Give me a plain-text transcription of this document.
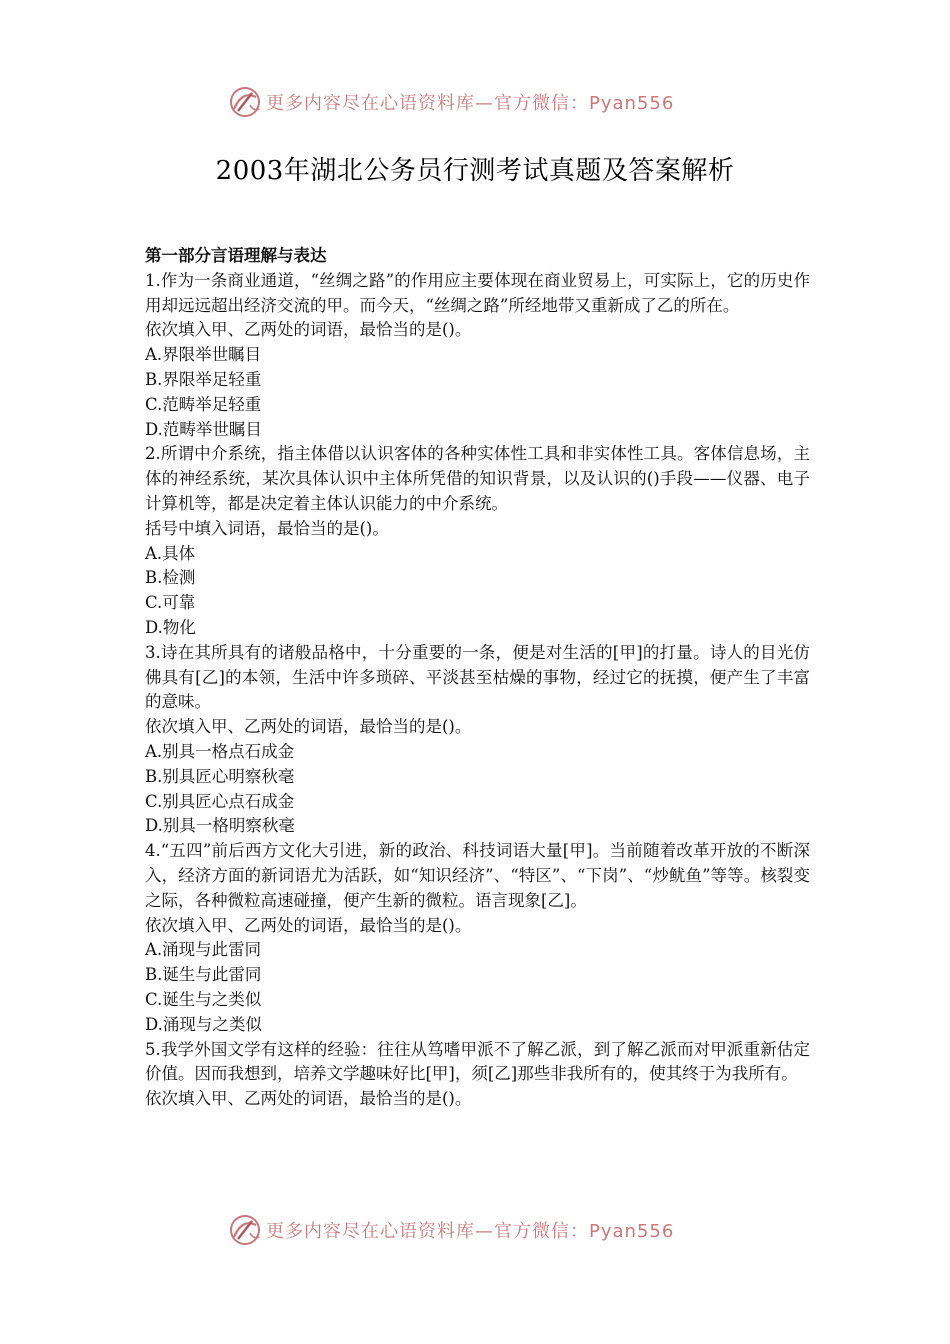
更多内容尽在心语资料库—官方微信：Pyan556
2003年湖北公务员行测考试真题及答案解析
第一部分言语理解与表达
1.作为一条商业通道，“丝绸之路”的作用应主要体现在商业贸易上，可实际上，它的历史作用却远远超出经济交流的甲。而今天，“丝绸之路”所经地带又重新成了乙的所在。
依次填入甲、乙两处的词语，最恰当的是()。
A.界限举世瞩目
B.界限举足轻重
C.范畴举足轻重
D.范畴举世瞩目
2.所谓中介系统，指主体借以认识客体的各种实体性工具和非实体性工具。客体信息场，主体的神经系统，某次具体认识中主体所凭借的知识背景，以及认识的()手段——仪器、电子计算机等，都是决定着主体认识能力的中介系统。
括号中填入词语，最恰当的是()。
A.具体
B.检测
C.可靠
D.物化
3.诗在其所具有的诸般品格中，十分重要的一条，便是对生活的[甲]的打量。诗人的目光仿佛具有[乙]的本领，生活中许多琐碎、平淡甚至枯燥的事物，经过它的抚摸，便产生了丰富的意味。
依次填入甲、乙两处的词语，最恰当的是()。
A.别具一格点石成金
B.别具匠心明察秋毫
C.别具匠心点石成金
D.别具一格明察秋毫
4.“五四”前后西方文化大引进，新的政治、科技词语大量[甲]。当前随着改革开放的不断深入，经济方面的新词语尤为活跃，如“知识经济”、“特区”、“下岗”、“炒鱿鱼”等等。核裂变之际，各种微粒高速碰撞，便产生新的微粒。语言现象[乙]。
依次填入甲、乙两处的词语，最恰当的是()。
A.涌现与此雷同
B.诞生与此雷同
C.诞生与之类似
D.涌现与之类似
5.我学外国文学有这样的经验：往往从笃嗜甲派不了解乙派，到了解乙派而对甲派重新估定价值。因而我想到，培养文学趣味好比[甲]，须[乙]那些非我所有的，使其终于为我所有。
依次填入甲、乙两处的词语，最恰当的是()。
更多内容尽在心语资料库—官方微信：Pyan556
